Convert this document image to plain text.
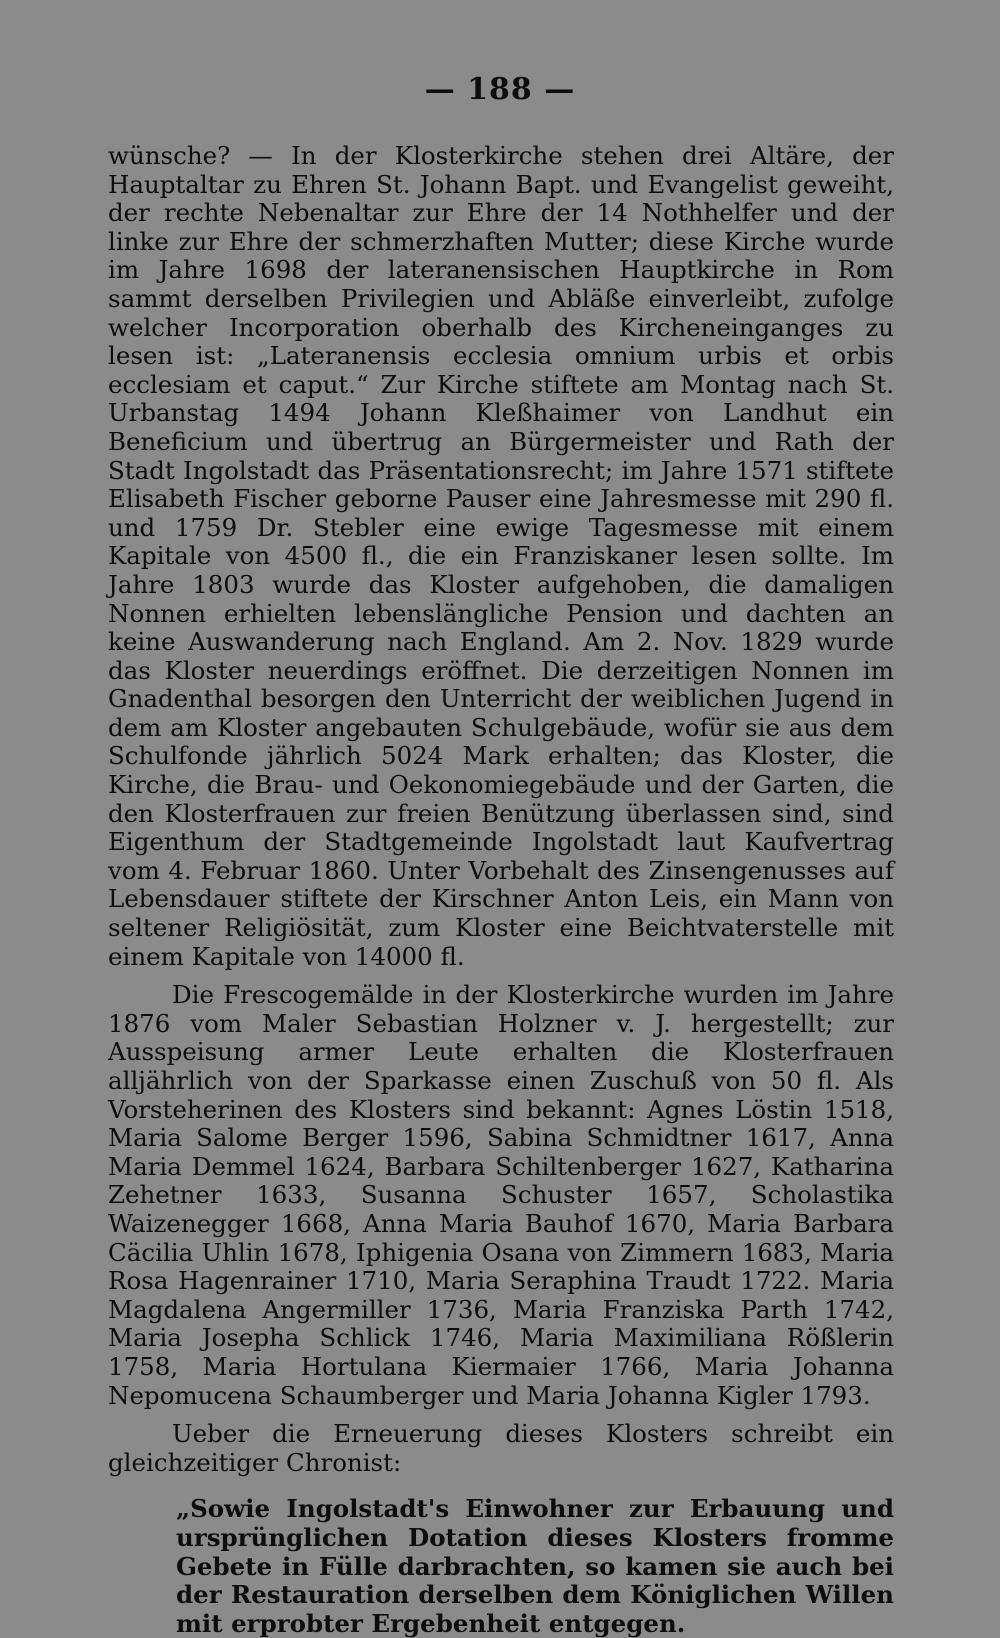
— 188 —

wünsche? — In der Klosterkirche stehen drei Altäre, der Hauptaltar zu Ehren St. Johann Bapt. und Evangelist geweiht, der rechte Nebenaltar zur Ehre der 14 Nothhelfer und der linke zur Ehre der schmerzhaften Mutter; diese Kirche wurde im Jahre 1698 der lateranensischen Hauptkirche in Rom sammt derselben Privilegien und Abläße einverleibt, zufolge welcher Incorporation oberhalb des Kircheneinganges zu lesen ist: „Lateranensis ecclesia omnium urbis et orbis ecclesiam et caput.“ Zur Kirche stiftete am Montag nach St. Urbanstag 1494 Johann Kleßhaimer von Landhut ein Beneficium und übertrug an Bürgermeister und Rath der Stadt Ingolstadt das Präsentationsrecht; im Jahre 1571 stiftete Elisabeth Fischer geborne Pauser eine Jahresmesse mit 290 fl. und 1759 Dr. Stebler eine ewige Tagesmesse mit einem Kapitale von 4500 fl., die ein Franziskaner lesen sollte. Im Jahre 1803 wurde das Kloster aufgehoben, die damaligen Nonnen erhielten lebenslängliche Pension und dachten an keine Auswanderung nach England. Am 2. Nov. 1829 wurde das Kloster neuerdings eröffnet. Die derzeitigen Nonnen im Gnadenthal besorgen den Unterricht der weiblichen Jugend in dem am Kloster angebauten Schulgebäude, wofür sie aus dem Schulfonde jährlich 5024 Mark erhalten; das Kloster, die Kirche, die Brau- und Oekonomiegebäude und der Garten, die den Klosterfrauen zur freien Benützung überlassen sind, sind Eigenthum der Stadtgemeinde Ingolstadt laut Kaufvertrag vom 4. Februar 1860. Unter Vorbehalt des Zinsengenusses auf Lebensdauer stiftete der Kirschner Anton Leis, ein Mann von seltener Religiösität, zum Kloster eine Beichtvaterstelle mit einem Kapitale von 14000 fl.

Die Frescogemälde in der Klosterkirche wurden im Jahre 1876 vom Maler Sebastian Holzner v. J. hergestellt; zur Ausspeisung armer Leute erhalten die Klosterfrauen alljährlich von der Sparkasse einen Zuschuß von 50 fl. Als Vorsteherinen des Klosters sind bekannt: Agnes Löstin 1518, Maria Salome Berger 1596, Sabina Schmidtner 1617, Anna Maria Demmel 1624, Barbara Schiltenberger 1627, Katharina Zehetner 1633, Susanna Schuster 1657, Scholastika Waizenegger 1668, Anna Maria Bauhof 1670, Maria Barbara Cäcilia Uhlin 1678, Iphigenia Osana von Zimmern 1683, Maria Rosa Hagenrainer 1710, Maria Seraphina Traudt 1722. Maria Magdalena Angermiller 1736, Maria Franziska Parth 1742, Maria Josepha Schlick 1746, Maria Maximiliana Rößlerin 1758, Maria Hortulana Kiermaier 1766, Maria Johanna Nepomucena Schaumberger und Maria Johanna Kigler 1793.

Ueber die Erneuerung dieses Klosters schreibt ein gleichzeitiger Chronist:

„Sowie Ingolstadt's Einwohner zur Erbauung und ursprünglichen Dotation dieses Klosters fromme Gebete in Fülle darbrachten, so kamen sie auch bei der Restauration derselben dem Königlichen Willen mit erprobter Ergebenheit entgegen.
